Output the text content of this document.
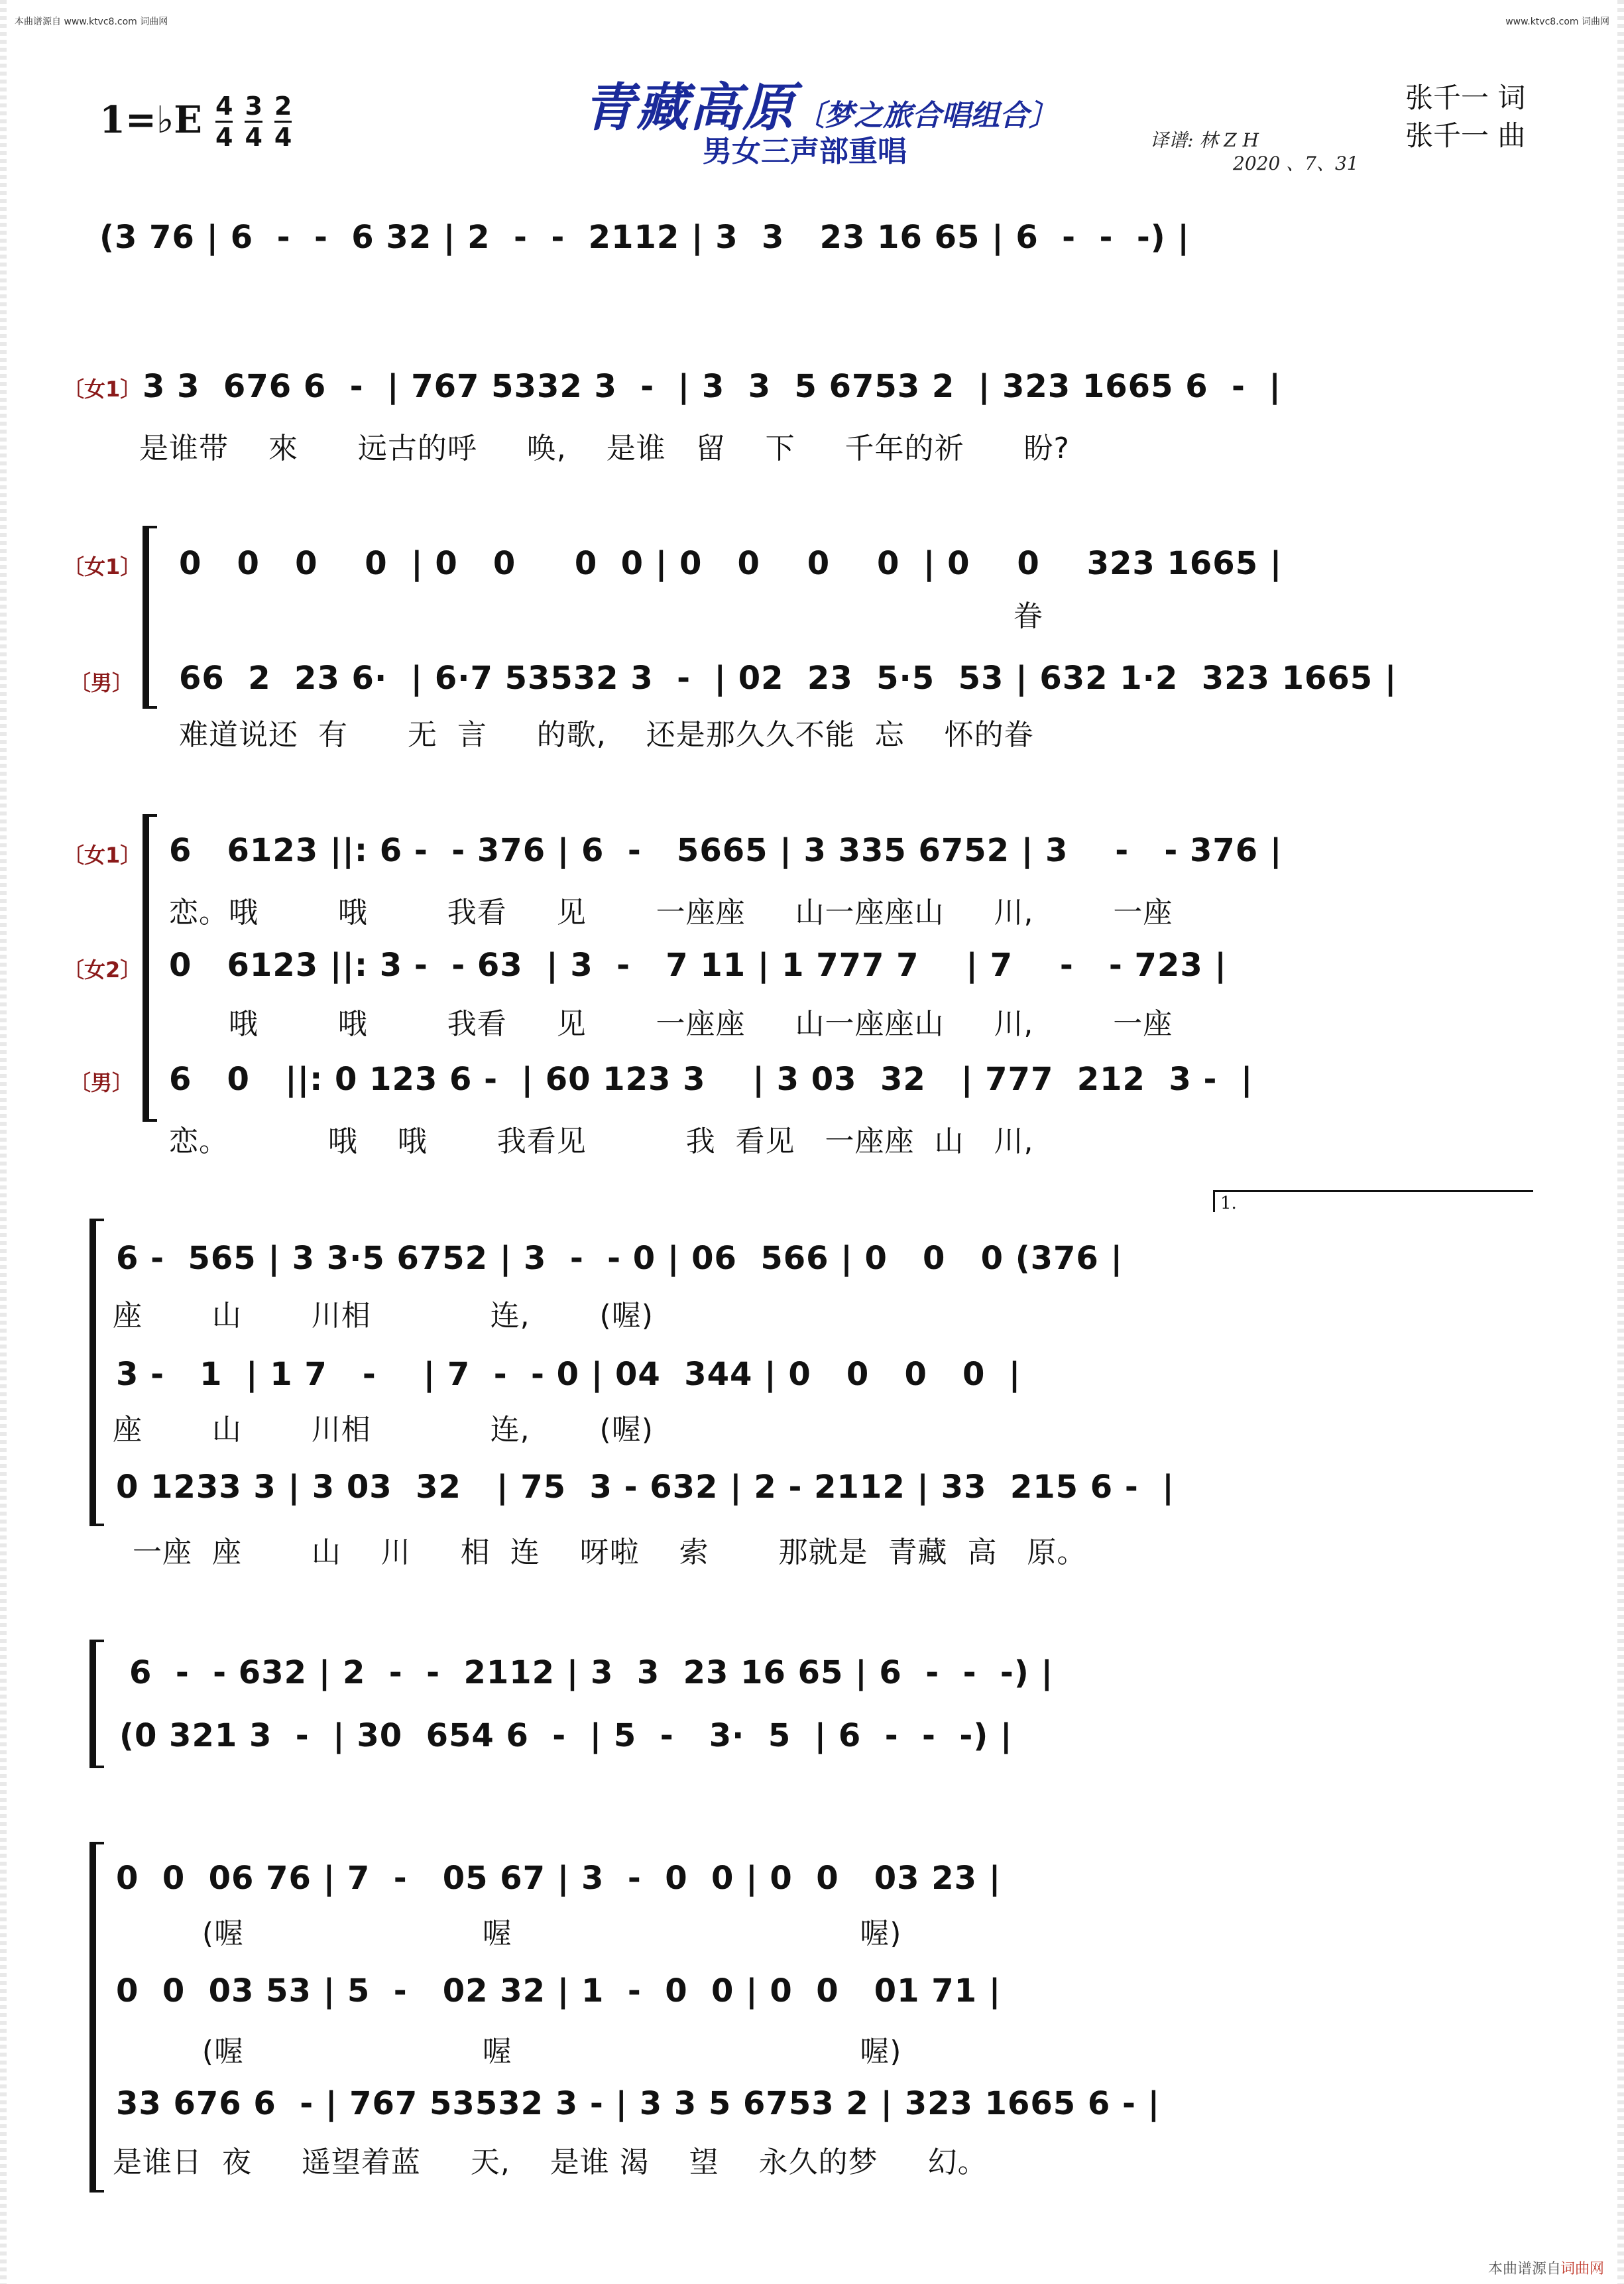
本曲谱源自 www.ktvc8.com 词曲网	www.ktvc8.com 词曲网
1=♭E $\frac{4}{4} \frac{3}{4} \frac{2}{4}$	青藏高原 〔梦之旅合唱组合〕
男女三声部重唱	译谱: 林 Z H
2020 、7、31
张千一 词
张千一 曲
(3 76 | 6  -  -  6 32 | 2  -  -  2112 | 3  3   23 16 65 | 6  -  -  -) |
〔女1〕 3 3  676 6  -  | 767 5332 3  -  | 3  3  5 6753 2  | 323 1665 6  -  |
是谁带    來      远古的呼     唤,    是谁   留    下     千年的祈      盼?
〔女1〕 0   0   0    0  | 0   0     0  0 | 0   0    0    0  | 0    0    323 1665 |
眷
〔男〕 66  2  23 6·  | 6·7 53532 3  -  | 02  23  5·5  53 | 632 1·2  323 1665 |
难道说还  有      无  言     的歌,    还是那久久不能  忘    怀的眷
〔女1〕 6   6123 ||: 6 -  - 376 | 6  -   5665 | 3 335 6752 | 3    -   - 376 |
恋。哦        哦        我看     见       一座座     山一座座山     川,        一座
〔女2〕 0   6123 ||: 3 -  - 63  | 3  -   7 11 | 1 777 7    | 7    -   - 723 |
哦        哦        我看     见       一座座     山一座座山     川,        一座
〔男〕 6   0   ||: 0 123 6 -  | 60 123 3    | 3 03  32   | 777  212  3 -  |
恋。          哦    哦       我看见          我  看见   一座座  山   川,
1.
6 -  565 | 3 3·5 6752 | 3  -  - 0 | 06  566 | 0   0   0 (376 |
座       山       川相            连,       (喔)
3 -   1  | 1 7   -    | 7  -  - 0 | 04  344 | 0   0   0   0  |
座       山       川相            连,       (喔)
0 1233 3 | 3 03  32   | 75  3 - 632 | 2 - 2112 | 33  215 6 -  |
一座  座       山    川     相  连    呀啦    索       那就是  青藏  高   原。
6  -  - 632 | 2  -  -  2112 | 3  3  23 16 65 | 6  -  -  -) |
(0 321 3  -  | 30  654 6  -  | 5  -   3·  5  | 6  -  -  -) |
0  0  06 76 | 7  -   05 67 | 3  -  0  0 | 0  0   03 23 |
(喔                        喔                                   喔)
0  0  03 53 | 5  -   02 32 | 1  -  0  0 | 0  0   01 71 |
(喔                        喔                                   喔)
33 676 6  - | 767 53532 3 - | 3 3 5 6753 2 | 323 1665 6 - |
是谁日  夜     遥望着蓝     天,    是谁 渴    望    永久的梦     幻。
本曲谱源自
词曲网
